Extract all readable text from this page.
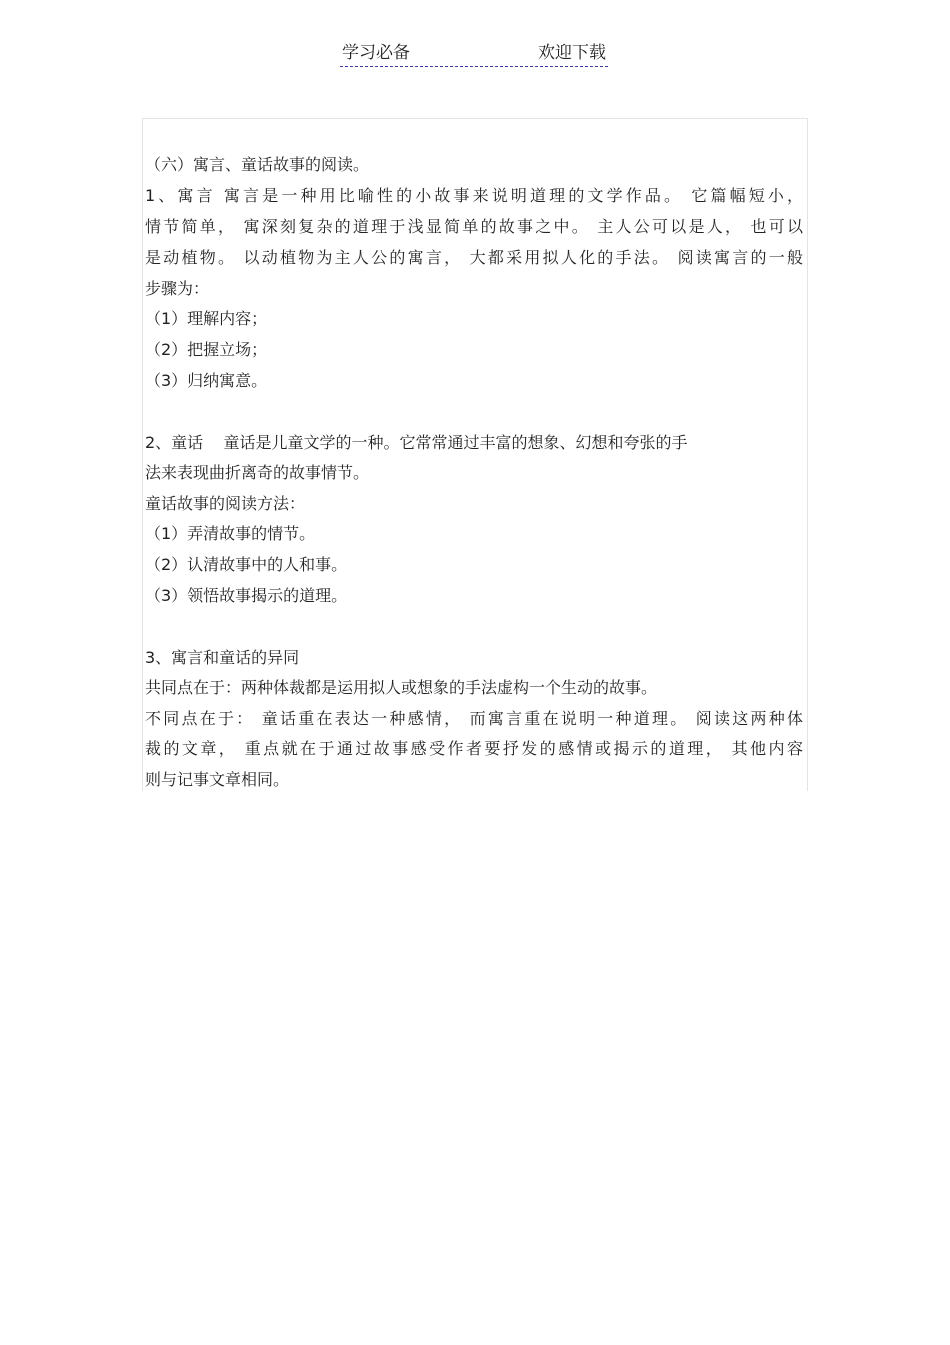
学习必备	欢迎下载
（六）寓言、童话故事的阅读。
1、寓言 寓言是一种用比喻性的小故事来说明道理的文学作品。 它篇幅短小，
情节简单， 寓深刻复杂的道理于浅显简单的故事之中。 主人公可以是人， 也可以
是动植物。 以动植物为主人公的寓言， 大都采用拟人化的手法。 阅读寓言的一般
步骤为：
（1）理解内容；
（2）把握立场；
（3）归纳寓意。
2、童话    童话是儿童文学的一种。它常常通过丰富的想象、幻想和夸张的手
法来表现曲折离奇的故事情节。
童话故事的阅读方法：
（1）弄清故事的情节。
（2）认清故事中的人和事。
（3）领悟故事揭示的道理。
3、寓言和童话的异同
共同点在于：两种体裁都是运用拟人或想象的手法虚构一个生动的故事。
不同点在于： 童话重在表达一种感情， 而寓言重在说明一种道理。 阅读这两种体
裁的文章， 重点就在于通过故事感受作者要抒发的感情或揭示的道理， 其他内容
则与记事文章相同。
